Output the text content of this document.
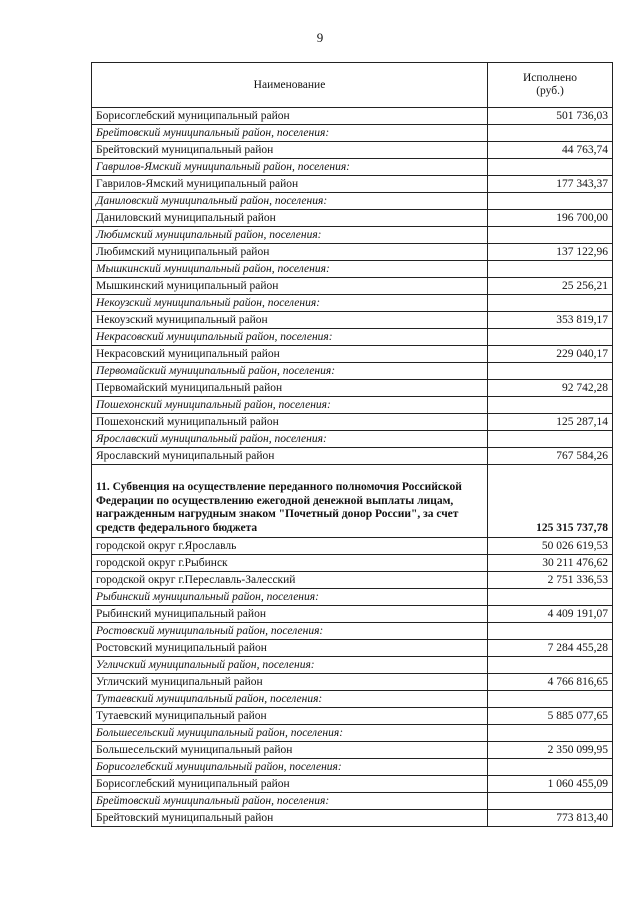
9
Наименование	Исполнено
(руб.)

Борисоглебский муниципальный район	501 736,03
Брейтовский муниципальный район, поселения:	
Брейтовский муниципальный район	44 763,74
Гаврилов-Ямский муниципальный район, поселения:	
Гаврилов-Ямский муниципальный район	177 343,37
Даниловский муниципальный район, поселения:	
Даниловский муниципальный район	196 700,00
Любимский муниципальный район, поселения:	
Любимский муниципальный район	137 122,96
Мышкинский муниципальный район, поселения:	
Мышкинский муниципальный район	25 256,21
Некоузский муниципальный район, поселения:	
Некоузский муниципальный район	353 819,17
Некрасовский муниципальный район, поселения:	
Некрасовский муниципальный район	229 040,17
Первомайский муниципальный район, поселения:	
Первомайский муниципальный район	92 742,28
Пошехонский муниципальный район, поселения:	
Пошехонский муниципальный район	125 287,14
Ярославский муниципальный район, поселения:	
Ярославский муниципальный район	767 584,26
11. Субвенция на осуществление переданного полномочия Российской Федерации по осуществлению ежегодной денежной выплаты лицам, награжденным нагрудным знаком "Почетный донор России", за счет средств федерального бюджета	125 315 737,78
городской округ г.Ярославль	50 026 619,53
городской округ г.Рыбинск	30 211 476,62
городской округ г.Переславль-Залесский	2 751 336,53
Рыбинский муниципальный район, поселения:	
Рыбинский муниципальный район	4 409 191,07
Ростовский муниципальный район, поселения:	
Ростовский муниципальный район	7 284 455,28
Угличский муниципальный район, поселения:	
Угличский муниципальный район	4 766 816,65
Тутаевский муниципальный район, поселения:	
Тутаевский муниципальный район	5 885 077,65
Большесельский муниципальный район, поселения:	
Большесельский муниципальный район	2 350 099,95
Борисоглебский муниципальный район, поселения:	
Борисоглебский муниципальный район	1 060 455,09
Брейтовский муниципальный район, поселения:	
Брейтовский муниципальный район	773 813,40
